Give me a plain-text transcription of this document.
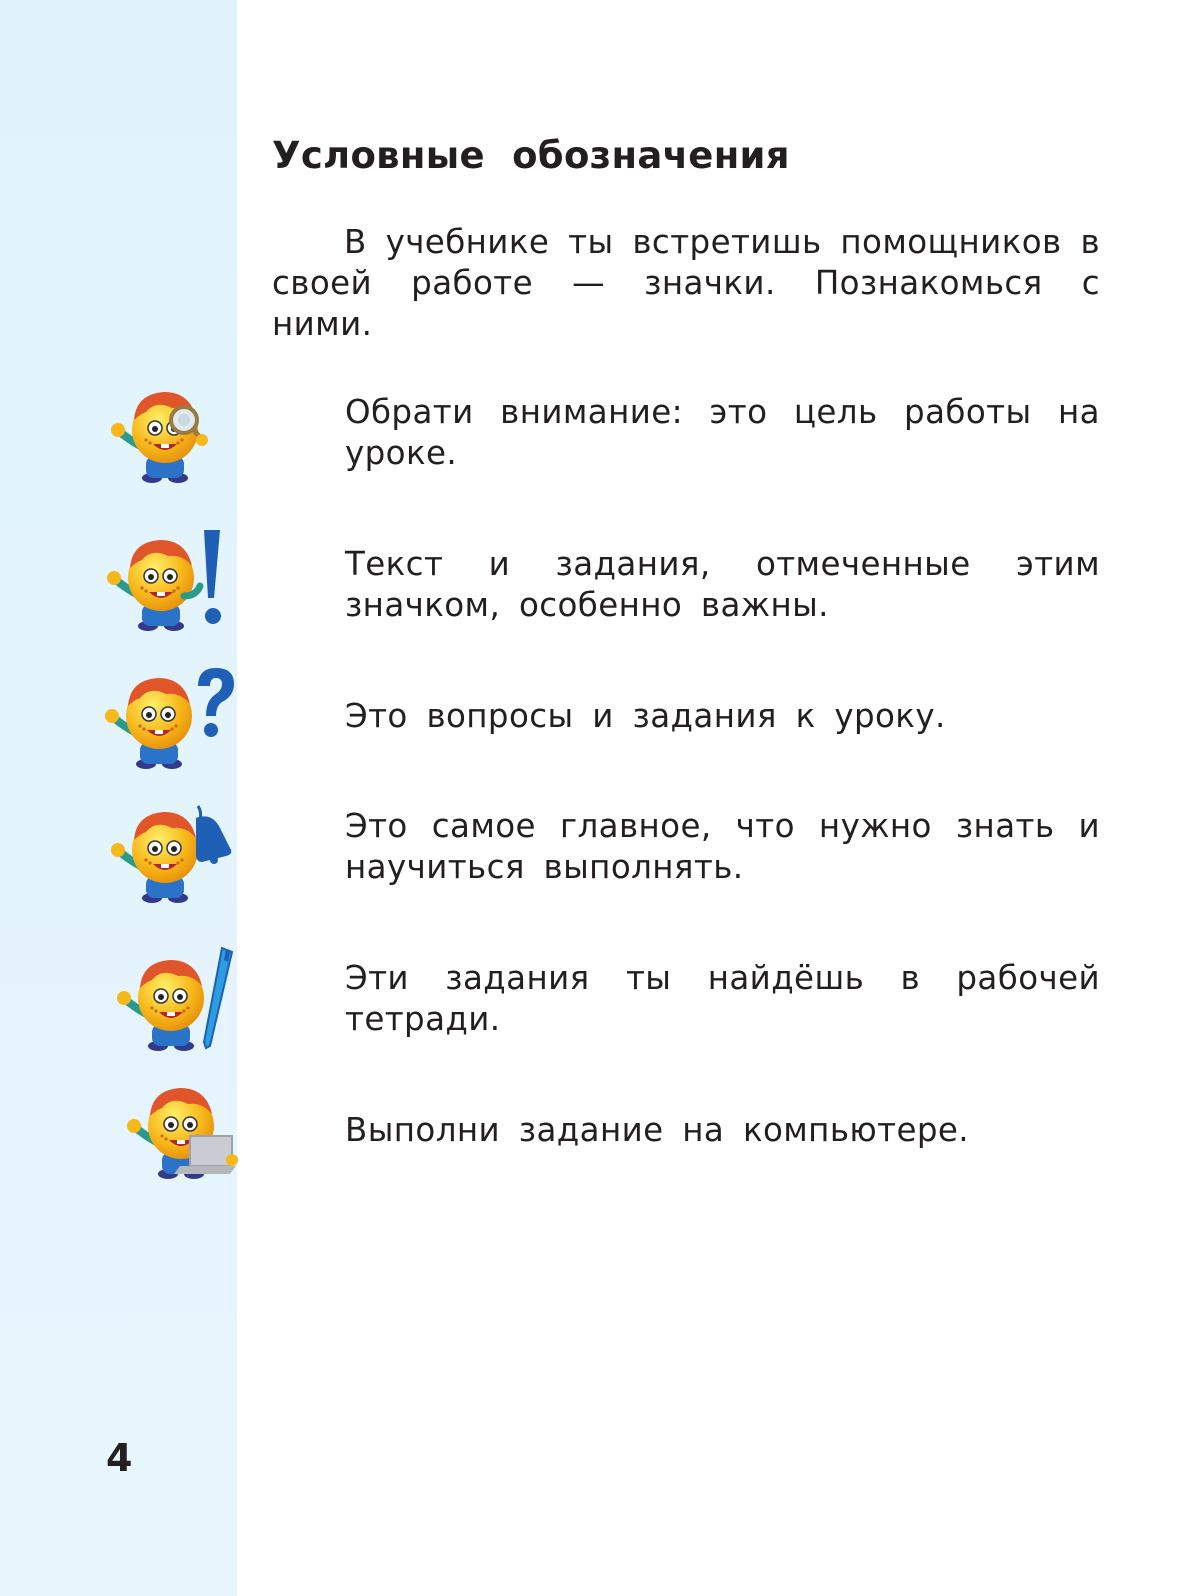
Условные обозначения

В учебнике ты встретишь помощников в своей работе — значки. Познакомься с ними.

Обрати внимание: это цель работы на уроке.

Текст и задания, отмеченные этим значком, особенно важны.

Это вопросы и задания к уроку.

Это самое главное, что нужно знать и научиться выполнять.

Эти задания ты найдёшь в рабочей тетради.

Выполни задание на компьютере.

4
